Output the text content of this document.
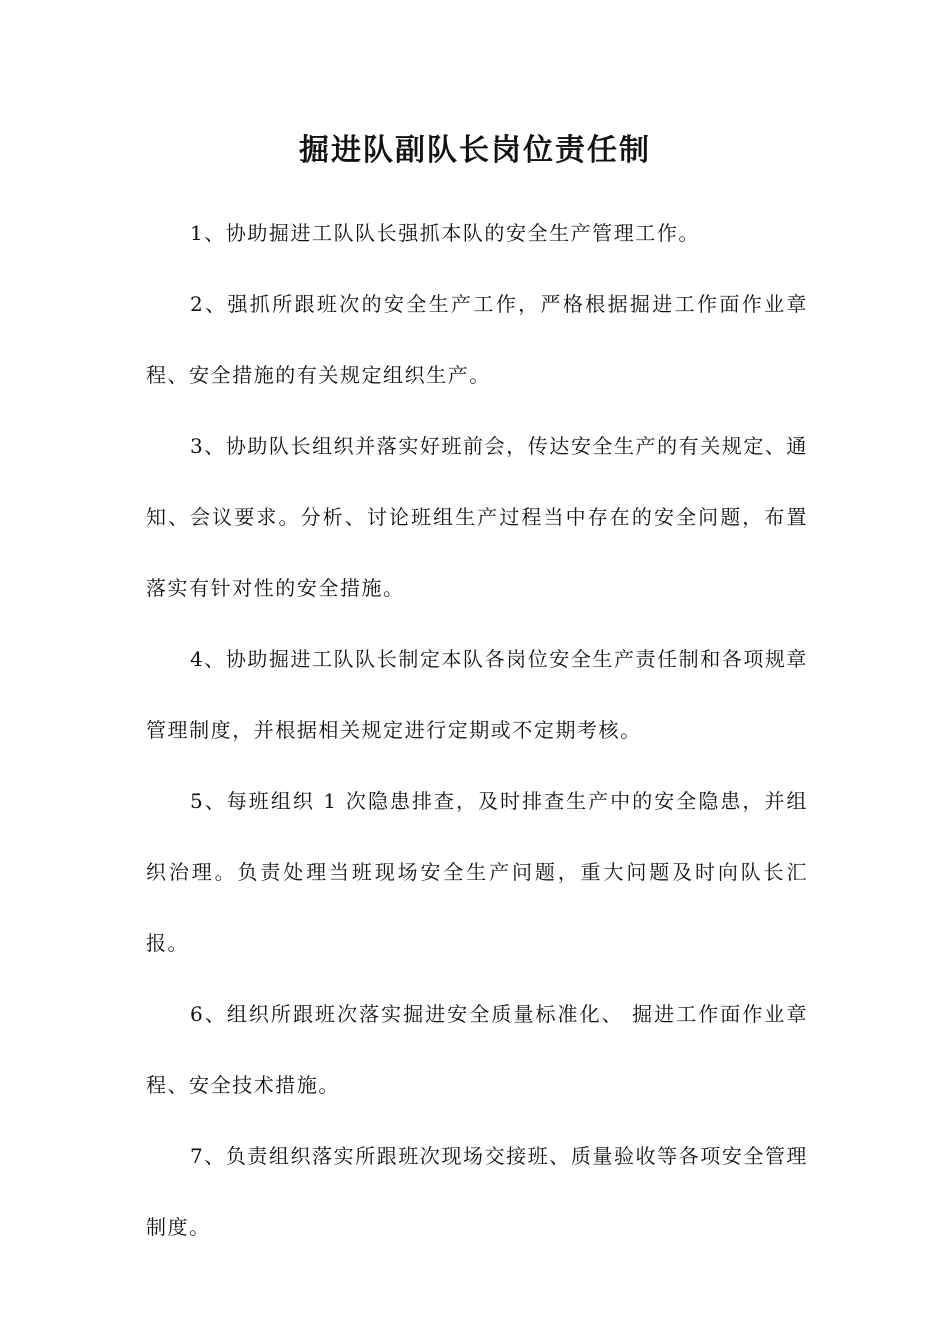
掘进队副队长岗位责任制

1、协助掘进工队队长强抓本队的安全生产管理工作。

2、强抓所跟班次的安全生产工作，严格根据掘进工作面作业章程、安全措施的有关规定组织生产。

3、协助队长组织并落实好班前会，传达安全生产的有关规定、通知、会议要求。分析、讨论班组生产过程当中存在的安全问题，布置落实有针对性的安全措施。

4、协助掘进工队队长制定本队各岗位安全生产责任制和各项规章管理制度，并根据相关规定进行定期或不定期考核。

5、每班组织 1 次隐患排查，及时排查生产中的安全隐患，并组织治理。负责处理当班现场安全生产问题，重大问题及时向队长汇报。

6、组织所跟班次落实掘进安全质量标准化、 掘进工作面作业章程、安全技术措施。

7、负责组织落实所跟班次现场交接班、质量验收等各项安全管理制度。
